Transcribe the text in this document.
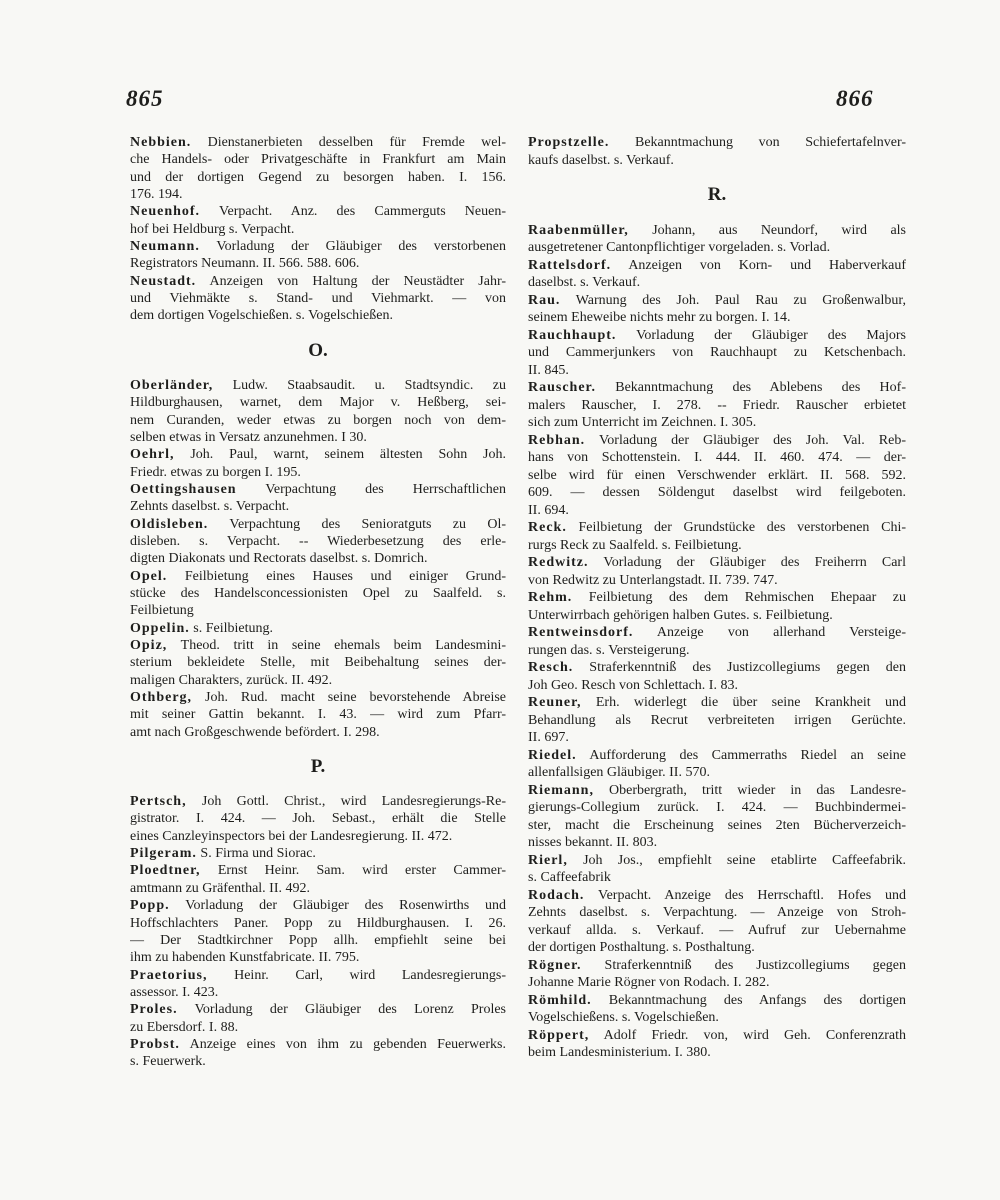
865	866
Nebbien. Dienstanerbieten desselben für Fremde wel-
che Handels- oder Privatgeschäfte in Frankfurt am Main
und der dortigen Gegend zu besorgen haben. I. 156.
176. 194.
Neuenhof. Verpacht. Anz. des Cammerguts Neuen-
hof bei Heldburg s. Verpacht.
Neumann. Vorladung der Gläubiger des verstorbenen
Registrators Neumann. II. 566. 588. 606.
Neustadt. Anzeigen von Haltung der Neustädter Jahr-
und Viehmäkte s. Stand- und Viehmarkt. — von
dem dortigen Vogelschießen. s. Vogelschießen.
O.
Oberländer, Ludw. Staabsaudit. u. Stadtsyndic. zu
Hildburghausen, warnet, dem Major v. Heßberg, sei-
nem Curanden, weder etwas zu borgen noch von dem-
selben etwas in Versatz anzunehmen. I 30.
Oehrl, Joh. Paul, warnt, seinem ältesten Sohn Joh.
Friedr. etwas zu borgen I. 195.
Oettingshausen Verpachtung des Herrschaftlichen
Zehnts daselbst. s. Verpacht.
Oldisleben. Verpachtung des Senioratguts zu Ol-
disleben. s. Verpacht. -- Wiederbesetzung des erle-
digten Diakonats und Rectorats daselbst. s. Domrich.
Opel. Feilbietung eines Hauses und einiger Grund-
stücke des Handelsconcessionisten Opel zu Saalfeld. s.
Feilbietung
Oppelin. s. Feilbietung.
Opiz, Theod. tritt in seine ehemals beim Landesmini-
sterium bekleidete Stelle, mit Beibehaltung seines der-
maligen Charakters, zurück. II. 492.
Othberg, Joh. Rud. macht seine bevorstehende Abreise
mit seiner Gattin bekannt. I. 43. — wird zum Pfarr-
amt nach Großgeschwende befördert. I. 298.
P.
Pertsch, Joh Gottl. Christ., wird Landesregierungs-Re-
gistrator. I. 424. — Joh. Sebast., erhält die Stelle
eines Canzleyinspectors bei der Landesregierung. II. 472.
Pilgeram. S. Firma und Siorac.
Ploedtner, Ernst Heinr. Sam. wird erster Cammer-
amtmann zu Gräfenthal. II. 492.
Popp. Vorladung der Gläubiger des Rosenwirths und
Hoffschlachters Paner. Popp zu Hildburghausen. I. 26.
— Der Stadtkirchner Popp allh. empfiehlt seine bei
ihm zu habenden Kunstfabricate. II. 795.
Praetorius, Heinr. Carl, wird Landesregierungs-
assessor. I. 423.
Proles. Vorladung der Gläubiger des Lorenz Proles
zu Ebersdorf. I. 88.
Probst. Anzeige eines von ihm zu gebenden Feuerwerks.
s. Feuerwerk.
Propstzelle. Bekanntmachung von Schiefertafelnver-
kaufs daselbst. s. Verkauf.
R.
Raabenmüller, Johann, aus Neundorf, wird als
ausgetretener Cantonpflichtiger vorgeladen. s. Vorlad.
Rattelsdorf. Anzeigen von Korn- und Haberverkauf
daselbst. s. Verkauf.
Rau. Warnung des Joh. Paul Rau zu Großenwalbur,
seinem Eheweibe nichts mehr zu borgen. I. 14.
Rauchhaupt. Vorladung der Gläubiger des Majors
und Cammerjunkers von Rauchhaupt zu Ketschenbach.
II. 845.
Rauscher. Bekanntmachung des Ablebens des Hof-
malers Rauscher, I. 278. -- Friedr. Rauscher erbietet
sich zum Unterricht im Zeichnen. I. 305.
Rebhan. Vorladung der Gläubiger des Joh. Val. Reb-
hans von Schottenstein. I. 444. II. 460. 474. — der-
selbe wird für einen Verschwender erklärt. II. 568. 592.
609. — dessen Söldengut daselbst wird feilgeboten.
II. 694.
Reck. Feilbietung der Grundstücke des verstorbenen Chi-
rurgs Reck zu Saalfeld. s. Feilbietung.
Redwitz. Vorladung der Gläubiger des Freiherrn Carl
von Redwitz zu Unterlangstadt. II. 739. 747.
Rehm. Feilbietung des dem Rehmischen Ehepaar zu
Unterwirrbach gehörigen halben Gutes. s. Feilbietung.
Rentweinsdorf. Anzeige von allerhand Versteige-
rungen das. s. Versteigerung.
Resch. Straferkenntniß des Justizcollegiums gegen den
Joh Geo. Resch von Schlettach. I. 83.
Reuner, Erh. widerlegt die über seine Krankheit und
Behandlung als Recrut verbreiteten irrigen Gerüchte.
II. 697.
Riedel. Aufforderung des Cammerraths Riedel an seine
allenfallsigen Gläubiger. II. 570.
Riemann, Oberbergrath, tritt wieder in das Landesre-
gierungs-Collegium zurück. I. 424. — Buchbindermei-
ster, macht die Erscheinung seines 2ten Bücherverzeich-
nisses bekannt. II. 803.
Rierl, Joh Jos., empfiehlt seine etablirte Caffeefabrik.
s. Caffeefabrik
Rodach. Verpacht. Anzeige des Herrschaftl. Hofes und
Zehnts daselbst. s. Verpachtung. — Anzeige von Stroh-
verkauf allda. s. Verkauf. — Aufruf zur Uebernahme
der dortigen Posthaltung. s. Posthaltung.
Rögner. Straferkenntniß des Justizcollegiums gegen
Johanne Marie Rögner von Rodach. I. 282.
Römhild. Bekanntmachung des Anfangs des dortigen
Vogelschießens. s. Vogelschießen.
Röppert, Adolf Friedr. von, wird Geh. Conferenzrath
beim Landesministerium. I. 380.
